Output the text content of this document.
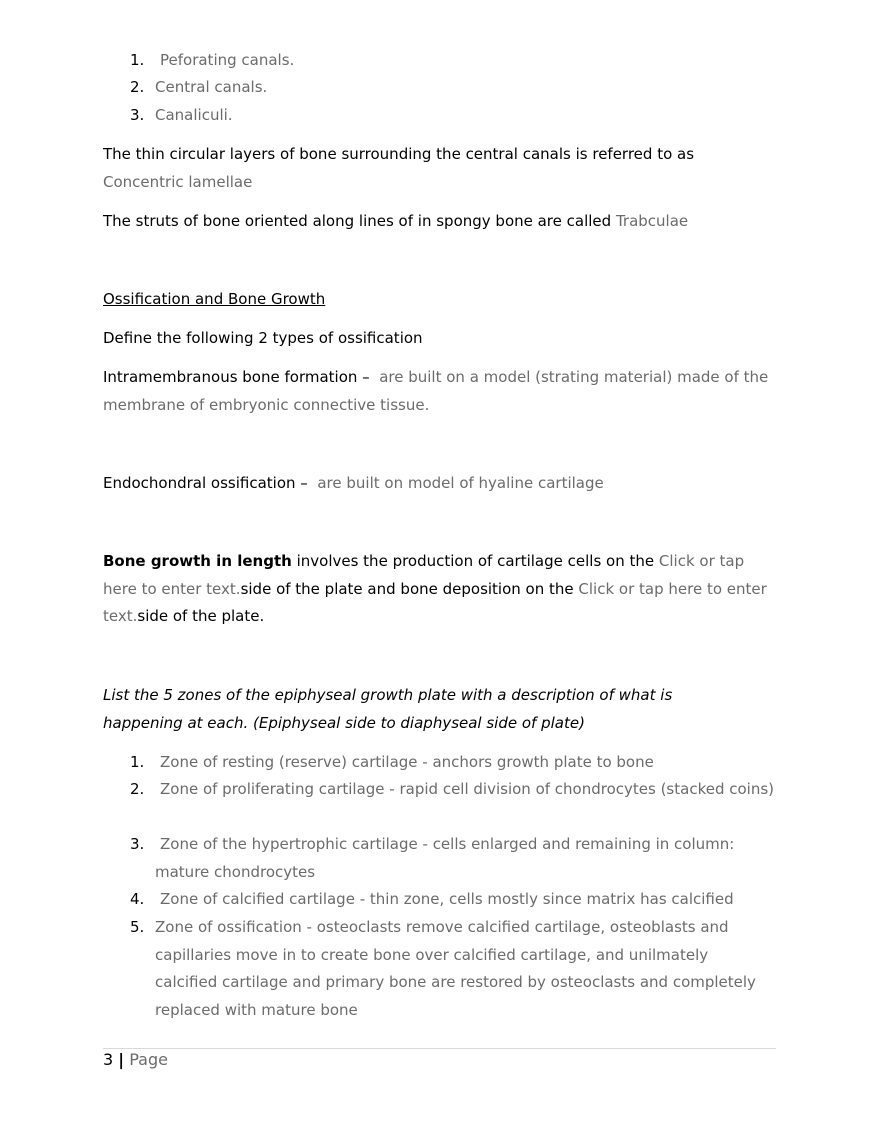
1. Peforating canals.
2. Central canals.
3. Canaliculi.
The thin circular layers of bone surrounding the central canals is referred to as Concentric lamellae
The struts of bone oriented along lines of in spongy bone are called Trabculae
Ossification and Bone Growth
Define the following 2 types of ossification
Intramembranous bone formation – are built on a model (strating material) made of the membrane of embryonic connective tissue.
Endochondral ossification – are built on model of hyaline cartilage
Bone growth in length involves the production of cartilage cells on the Click or tap here to enter text.side of the plate and bone deposition on the Click or tap here to enter text.side of the plate.
List the 5 zones of the epiphyseal growth plate with a description of what is happening at each. (Epiphyseal side to diaphyseal side of plate)
1. Zone of resting (reserve) cartilage - anchors growth plate to bone
2.	Zone of proliferating cartilage - rapid cell division of chondrocytes (stacked coins)
3.	Zone of the hypertrophic cartilage - cells enlarged and remaining in column: mature chondrocytes
4.	Zone of calcified cartilage - thin zone, cells mostly since matrix has calcified
5. Zone of ossification - osteoclasts remove calcified cartilage, osteoblasts and capillaries move in to create bone over calcified cartilage, and unilmately calcified cartilage and primary bone are restored by osteoclasts and completely replaced with mature bone
3 | Page
